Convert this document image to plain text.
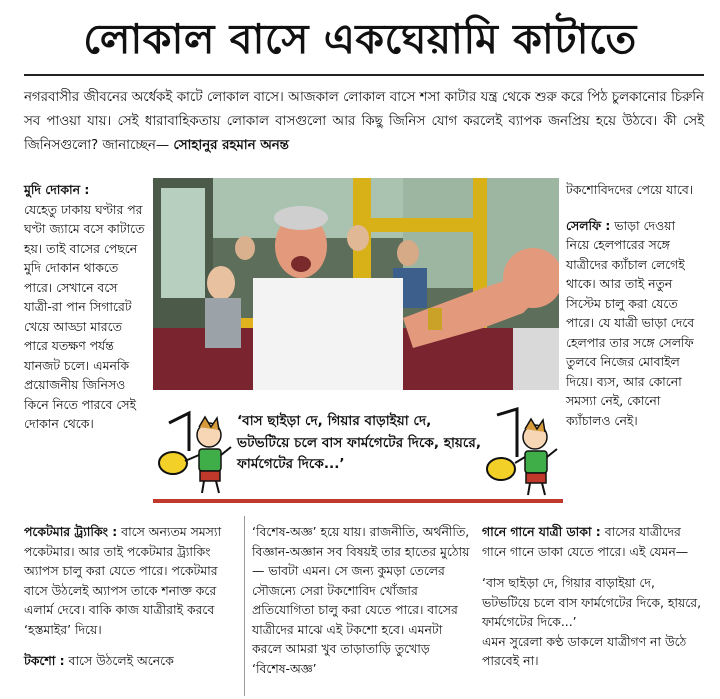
লোকাল বাসে একঘেয়ামি কাটাতে
নগরবাসীর জীবনের অর্ধেকই কাটে লোকাল বাসে। আজকাল লোকাল বাসে শসা কাটার যন্ত্র থেকে শুরু করে পিঠ চুলকানোর চিরুনি সব পাওয়া যায়। সেই ধারাবাহিকতায় লোকাল বাসগুলো আর কিছু জিনিস যোগ করলেই ব্যাপক জনপ্রিয় হয়ে উঠবে। কী সেই জিনিসগুলো? জানাচ্ছেন— সোহানুর রহমান অনন্ত

মুদি দোকান :

যেহেতু ঢাকায় ঘণ্টার পর ঘণ্টা জ্যামে বসে কাটাতে হয়। তাই বাসের পেছনে মুদি দোকান থাকতে পারে। সেখানে বসে যাত্রী-রা পান সিগারেট খেয়ে আড্ডা মারতে পারে যতক্ষণ পর্যন্ত যানজট চলে। এমনকি প্রয়োজনীয় জিনিসও কিনে নিতে পারবে সেই দোকান থেকে।

টকশোবিদদের পেয়ে যাবে।

সেলফি : ভাড়া দেওয়া নিয়ে হেলপারের সঙ্গে যাত্রীদের ক্যাঁচাল লেগেই থাকে। আর তাই নতুন সিস্টেম চালু করা যেতে পারে। যে যাত্রী ভাড়া দেবে হেলপার তার সঙ্গে সেলফি তুলবে নিজের মোবাইল দিয়ে। ব্যস, আর কোনো সমস্যা নেই, কোনো ক্যাঁচালও নেই।

‘বাস ছাইড়া দে, গিয়ার বাড়াইয়া দে, ভটভটিয়ে চলে বাস ফার্মগেটের দিকে, হায়রে, ফার্মগেটের দিকে...’

পকেটমার ট্র্যাকিং : বাসে অন্যতম সমস্যা পকেটমার। আর তাই পকেটমার ট্র্যাকিং অ্যাপস চালু করা যেতে পারে। পকেটমার বাসে উঠলেই অ্যাপস তাকে শনাক্ত করে এলার্ম দেবে। বাকি কাজ যাত্রীরাই করবে ‘হস্তমাইর’ দিয়ে।

টকশো : বাসে উঠলেই অনেকে

‘বিশেষ-অজ্ঞ’ হয়ে যায়। রাজনীতি, অর্থনীতি, বিজ্ঞান-অজ্ঞান সব বিষয়ই তার হাতের মুঠোয়— ভাবটা এমন। সে জন্য কুমড়া তেলের সৌজন্যে সেরা টকশোবিদ খোঁজার প্রতিযোগিতা চালু করা যেতে পারে। বাসের যাত্রীদের মাঝে এই টকশো হবে। এমনটা করলে আমরা খুব তাড়াতাড়ি তুখোড় ‘বিশেষ-অজ্ঞ’

গানে গানে যাত্রী ডাকা : বাসের যাত্রীদের গানে গানে ডাকা যেতে পারে। এই যেমন—

‘বাস ছাইড়া দে, গিয়ার বাড়াইয়া দে, ভটভটিয়ে চলে বাস ফার্মগেটের দিকে, হায়রে, ফার্মগেটের দিকে...’

এমন সুরেলা কণ্ঠ ডাকলে যাত্রীগণ না উঠে পারবেই না।
